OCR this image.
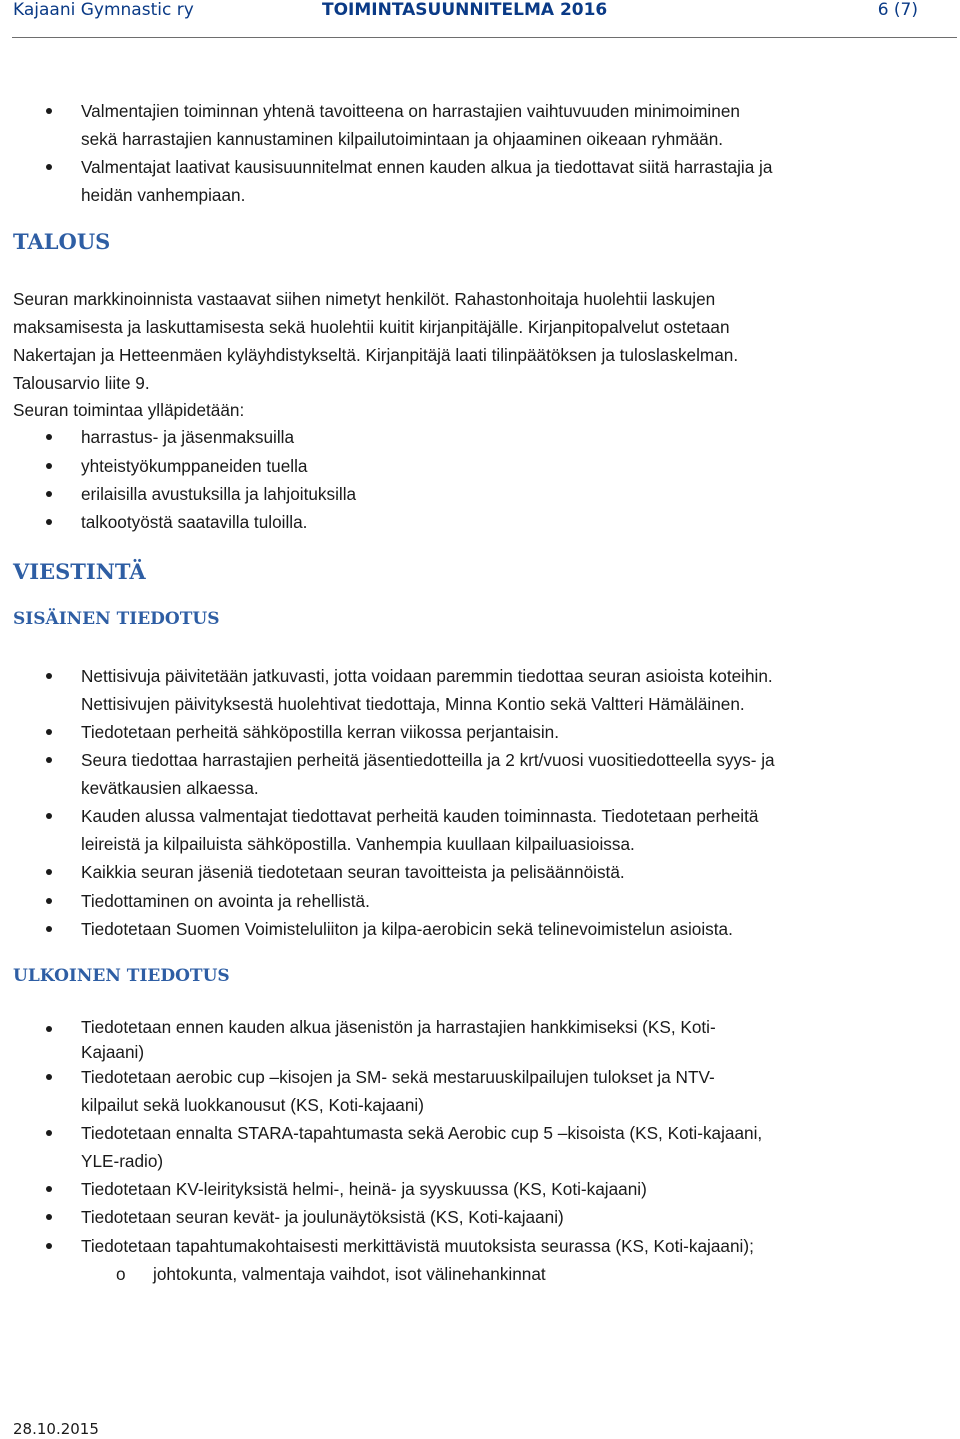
Kajaani Gymnastic ry	TOIMINTASUUNNITELMA 2016	6 (7)
Valmentajien toiminnan yhtenä tavoitteena on harrastajien vaihtuvuuden minimoiminen
sekä harrastajien kannustaminen kilpailutoimintaan ja ohjaaminen oikeaan ryhmään.
Valmentajat laativat kausisuunnitelmat ennen kauden alkua ja tiedottavat siitä harrastajia ja
heidän vanhempiaan.
TALOUS
Seuran markkinoinnista vastaavat siihen nimetyt henkilöt. Rahastonhoitaja huolehtii laskujen
maksamisesta ja laskuttamisesta sekä huolehtii kuitit kirjanpitäjälle. Kirjanpitopalvelut ostetaan
Nakertajan ja Hetteenmäen kyläyhdistykseltä. Kirjanpitäjä laati tilinpäätöksen ja tuloslaskelman.
Talousarvio liite 9.
Seuran toimintaa ylläpidetään:
harrastus- ja jäsenmaksuilla
yhteistyökumppaneiden tuella
erilaisilla avustuksilla ja lahjoituksilla
talkootyöstä saatavilla tuloilla.
VIESTINTÄ
SISÄINEN TIEDOTUS
Nettisivuja päivitetään jatkuvasti, jotta voidaan paremmin tiedottaa seuran asioista koteihin.
Nettisivujen päivityksestä huolehtivat tiedottaja, Minna Kontio sekä Valtteri Hämäläinen.
Tiedotetaan perheitä sähköpostilla kerran viikossa perjantaisin.
Seura tiedottaa harrastajien perheitä jäsentiedotteilla ja 2 krt/vuosi vuositiedotteella syys- ja
kevätkausien alkaessa.
Kauden alussa valmentajat tiedottavat perheitä kauden toiminnasta. Tiedotetaan perheitä
leireistä ja kilpailuista sähköpostilla. Vanhempia kuullaan kilpailuasioissa.
Kaikkia seuran jäseniä tiedotetaan seuran tavoitteista ja pelisäännöistä.
Tiedottaminen on avointa ja rehellistä.
Tiedotetaan Suomen Voimisteluliiton ja kilpa-aerobicin sekä telinevoimistelun asioista.
ULKOINEN TIEDOTUS
Tiedotetaan ennen kauden alkua jäsenistön ja harrastajien hankkimiseksi (KS, Koti-
Kajaani)
Tiedotetaan aerobic cup –kisojen ja SM- sekä mestaruuskilpailujen tulokset ja NTV-
kilpailut sekä luokkanousut (KS, Koti-kajaani)
Tiedotetaan ennalta STARA-tapahtumasta sekä Aerobic cup 5 –kisoista (KS, Koti-kajaani,
YLE-radio)
Tiedotetaan KV-leirityksistä helmi-, heinä- ja syyskuussa (KS, Koti-kajaani)
Tiedotetaan seuran kevät- ja joulunäytöksistä (KS, Koti-kajaani)
Tiedotetaan tapahtumakohtaisesti merkittävistä muutoksista seurassa (KS, Koti-kajaani);
o johtokunta, valmentaja vaihdot, isot välinehankinnat
28.10.2015
